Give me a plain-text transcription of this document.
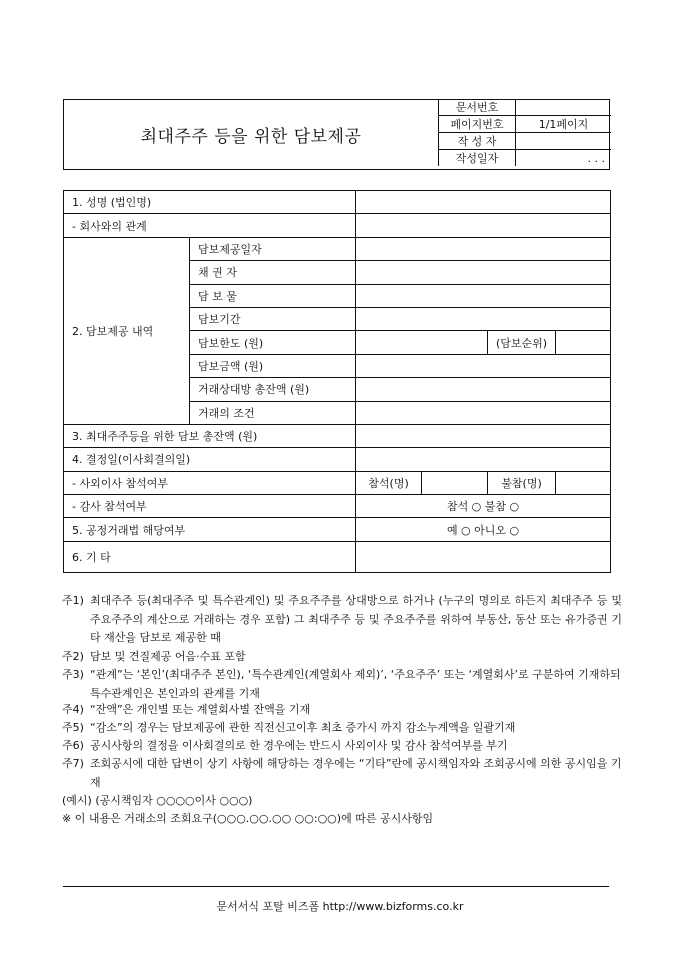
최대주주 등을 위한 담보제공
문서번호	
페이지번호	1/1페이지
작 성 자	
작성일자	. . .
1. 성명 (법인명)					
- 회사와의 관계					
2. 담보제공 내역	담보제공일자				
	채 권 자				
	담 보 물				
	담보기간				
	담보한도 (원)			(담보순위)	
	담보금액 (원)				
	거래상대방 총잔액 (원)				
	거래의 조건				
3. 최대주주등을 위한 담보 총잔액 (원)					
4. 결정일(이사회결의일)					
- 사외이사 참석여부		참석(명)		불참(명)	
- 감사 참석여부		참석 ○ 불참 ○			
5. 공정거래법 해당여부		예 ○ 아니오 ○			
6. 기 타					
주1) 최대주주 등(최대주주 및 특수관계인) 및 주요주주를 상대방으로 하거나 (누구의 명의로 하든지 최대주주 등 및 주요주주의 계산으로 거래하는 경우 포함) 그 최대주주 등 및 주요주주를 위하여 부동산, 동산 또는 유가증권 기타 재산을 담보로 제공한 때
주2) 담보 및 견질제공 어음·수표 포함
주3) “관계”는 ‘본인’(최대주주 본인), ‘특수관계인(계열회사 제외)’, ‘주요주주’ 또는 ‘계열회사’로 구분하여 기재하되 특수관계인은 본인과의 관계를 기재
주4) “잔액”은 개인별 또는 계열회사별 잔액을 기재
주5) “감소”의 경우는 담보제공에 관한 직전신고이후 최초 증가시 까지 감소누계액을 일괄기재
주6) 공시사항의 결정을 이사회결의로 한 경우에는 반드시 사외이사 및 감사 참석여부를 부기
주7) 조회공시에 대한 답변이 상기 사항에 해당하는 경우에는 “기타”란에 공시책임자와 조회공시에 의한 공시임을 기재
(예시) (공시책임자 ○○○○이사 ○○○)
※ 이 내용은 거래소의 조회요구(○○○.○○.○○ ○○:○○)에 따른 공시사항임
문서서식 포탈 비즈폼 http://www.bizforms.co.kr
